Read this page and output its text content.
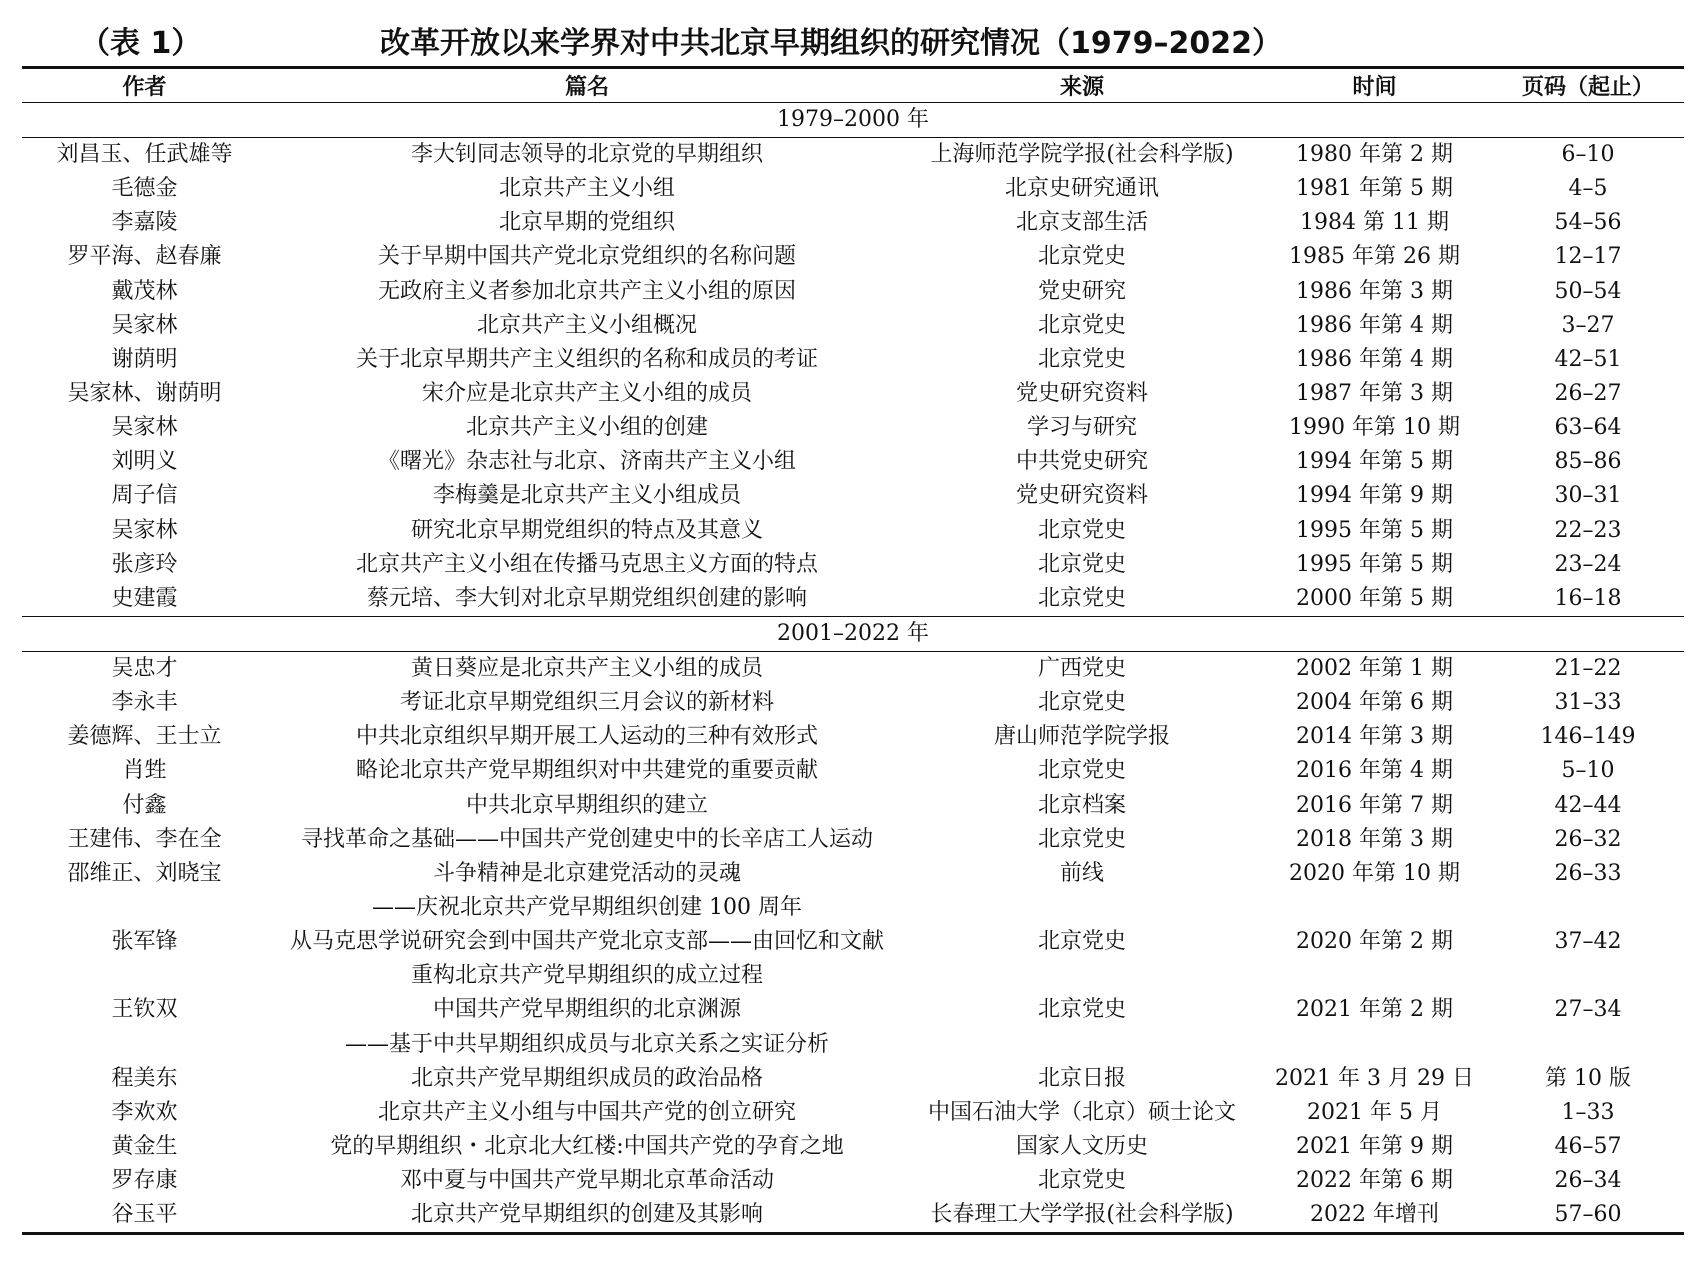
（表 1）	改革开放以来学界对中共北京早期组织的研究情况（1979–2022）
作者	篇名	来源	时间	页码（起止）
1979–2000 年				
刘昌玉、任武雄等	李大钊同志领导的北京党的早期组织	上海师范学院学报(社会科学版)	1980 年第 2 期	6–10
毛德金	北京共产主义小组	北京史研究通讯	1981 年第 5 期	4–5
李嘉陵	北京早期的党组织	北京支部生活	1984 第 11 期	54–56
罗平海、赵春廉	关于早期中国共产党北京党组织的名称问题	北京党史	1985 年第 26 期	12–17
戴茂林	无政府主义者参加北京共产主义小组的原因	党史研究	1986 年第 3 期	50–54
吴家林	北京共产主义小组概况	北京党史	1986 年第 4 期	3–27
谢荫明	关于北京早期共产主义组织的名称和成员的考证	北京党史	1986 年第 4 期	42–51
吴家林、谢荫明	宋介应是北京共产主义小组的成员	党史研究资料	1987 年第 3 期	26–27
吴家林	北京共产主义小组的创建	学习与研究	1990 年第 10 期	63–64
刘明义	《曙光》杂志社与北京、济南共产主义小组	中共党史研究	1994 年第 5 期	85–86
周子信	李梅羹是北京共产主义小组成员	党史研究资料	1994 年第 9 期	30–31
吴家林	研究北京早期党组织的特点及其意义	北京党史	1995 年第 5 期	22–23
张彦玲	北京共产主义小组在传播马克思主义方面的特点	北京党史	1995 年第 5 期	23–24
史建霞	蔡元培、李大钊对北京早期党组织创建的影响	北京党史	2000 年第 5 期	16–18
2001–2022 年				
吴忠才	黄日葵应是北京共产主义小组的成员	广西党史	2002 年第 1 期	21–22
李永丰	考证北京早期党组织三月会议的新材料	北京党史	2004 年第 6 期	31–33
姜德辉、王士立	中共北京组织早期开展工人运动的三种有效形式	唐山师范学院学报	2014 年第 3 期	146–149
肖甡	略论北京共产党早期组织对中共建党的重要贡献	北京党史	2016 年第 4 期	5–10
付鑫	中共北京早期组织的建立	北京档案	2016 年第 7 期	42–44
王建伟、李在全	寻找革命之基础——中国共产党创建史中的长辛店工人运动	北京党史	2018 年第 3 期	26–32
邵维正、刘晓宝	斗争精神是北京建党活动的灵魂	前线	2020 年第 10 期	26–33
	——庆祝北京共产党早期组织创建 100 周年			
张军锋	从马克思学说研究会到中国共产党北京支部——由回忆和文献	北京党史	2020 年第 2 期	37–42
	重构北京共产党早期组织的成立过程			
王钦双	中国共产党早期组织的北京渊源	北京党史	2021 年第 2 期	27–34
	——基于中共早期组织成员与北京关系之实证分析			
程美东	北京共产党早期组织成员的政治品格	北京日报	2021 年 3 月 29 日	第 10 版
李欢欢	北京共产主义小组与中国共产党的创立研究	中国石油大学（北京）硕士论文	2021 年 5 月	1–33
黄金生	党的早期组织・北京北大红楼:中国共产党的孕育之地	国家人文历史	2021 年第 9 期	46–57
罗存康	邓中夏与中国共产党早期北京革命活动	北京党史	2022 年第 6 期	26–34
谷玉平	北京共产党早期组织的创建及其影响	长春理工大学学报(社会科学版)	2022 年增刊	57–60
